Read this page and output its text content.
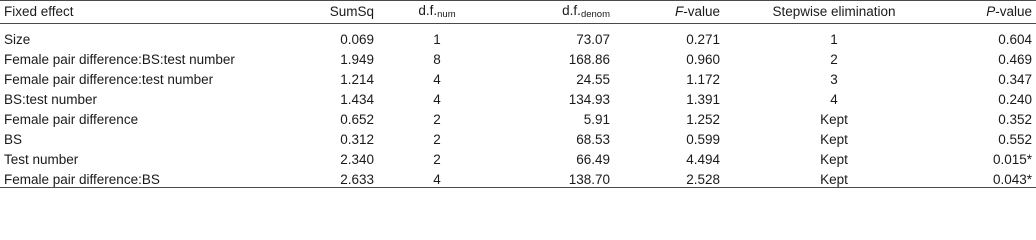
Fixed effect	SumSq	$d.f._{num}$	$d.f._{denom}$	F-value	Stepwise elimination	P-value
Size	0.069	1	73.07	0.271	1	0.604
Female pair difference:BS:test number	1.949	8	168.86	0.960	2	0.469
Female pair difference:test number	1.214	4	24.55	1.172	3	0.347
BS:test number	1.434	4	134.93	1.391	4	0.240
Female pair difference	0.652	2	5.91	1.252	Kept	0.352
BS	0.312	2	68.53	0.599	Kept	0.552
Test number	2.340	2	66.49	4.494	Kept	0.015*
Female pair difference:BS	2.633	4	138.70	2.528	Kept	0.043*
